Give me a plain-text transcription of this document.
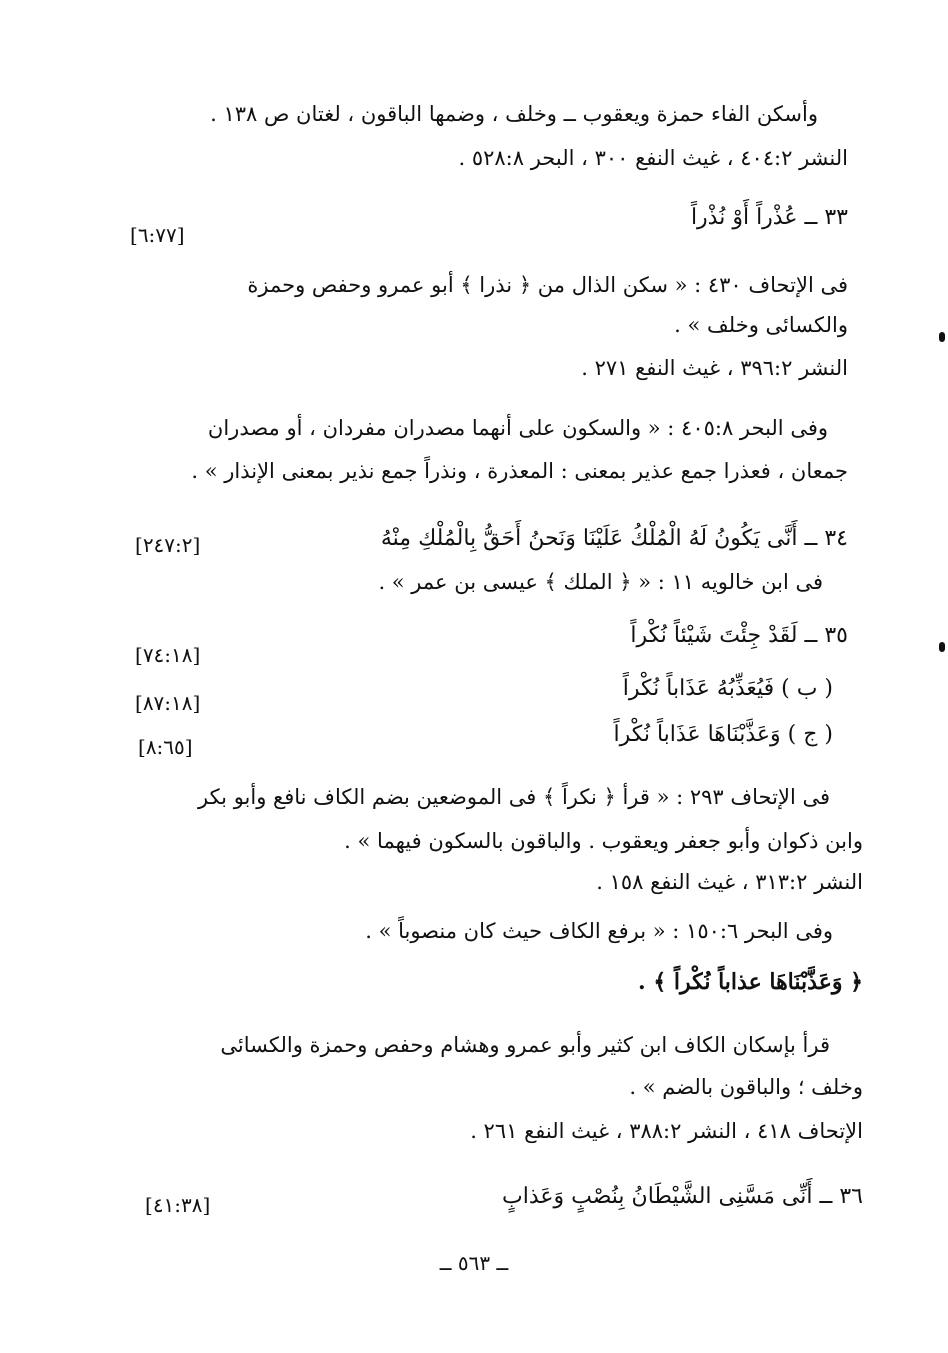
وأسكن الفاء حمزة ويعقوب ــ وخلف ، وضمها الباقون ، لغتان ص ١٣٨ .
النشر ٤٠٤:٢ ، غيث النفع ٣٠٠ ، البحر ٥٢٨:٨ .
٣٣ ــ عُذْراً أَوْ نُذْراً
[٦:٧٧]
فى الإتحاف ٤٣٠ : « سكن الذال من ﴿ نذرا ﴾ أبو عمرو وحفص وحمزة
والكسائى وخلف » .
النشر ٣٩٦:٢ ، غيث النفع ٢٧١ .
وفى البحر ٤٠٥:٨ : « والسكون على أنهما مصدران مفردان ، أو مصدران
جمعان ، فعذرا جمع عذير بمعنى : المعذرة ، ونذراً جمع نذير بمعنى الإنذار » .
٣٤ ــ أَنَّى يَكُونُ لَهُ الْمُلْكُ عَلَيْنَا وَنَحنُ أَحَقُّ بِالْمُلْكِ مِنْهُ
[٢٤٧:٢]
فى ابن خالويه ١١ : « ﴿ الملك ﴾ عيسى بن عمر » .
٣٥ ــ لَقَدْ جِئْتَ شَيْئاً نُكْراً
[٧٤:١٨]
( ب ) فَيُعَذِّبُهُ عَذَاباً نُكْراً
[٨٧:١٨]
( ج ) وَعَذَّبْنَاهَا عَذَاباً نُكْراً
[٨:٦٥]
فى الإتحاف ٢٩٣ : « قرأ ﴿ نكراً ﴾ فى الموضعين بضم الكاف نافع وأبو بكر
وابن ذكوان وأبو جعفر ويعقوب . والباقون بالسكون فيهما » .
النشر ٣١٣:٢ ، غيث النفع ١٥٨ .
وفى البحر ١٥٠:٦ : « برفع الكاف حيث كان منصوباً » .
﴿ وَعَذَّبْنَاهَا عذاباً نُكْراً ﴾ .
قرأ بإسكان الكاف ابن كثير وأبو عمرو وهشام وحفص وحمزة والكسائى
وخلف ؛ والباقون بالضم » .
الإتحاف ٤١٨ ، النشر ٣٨٨:٢ ، غيث النفع ٢٦١ .
٣٦ ــ أَنِّى مَسَّنِى الشَّيْطَانُ بِنُصْبٍ وَعَذابٍ
[٤١:٣٨]
ــ ٥٦٣ ــ
